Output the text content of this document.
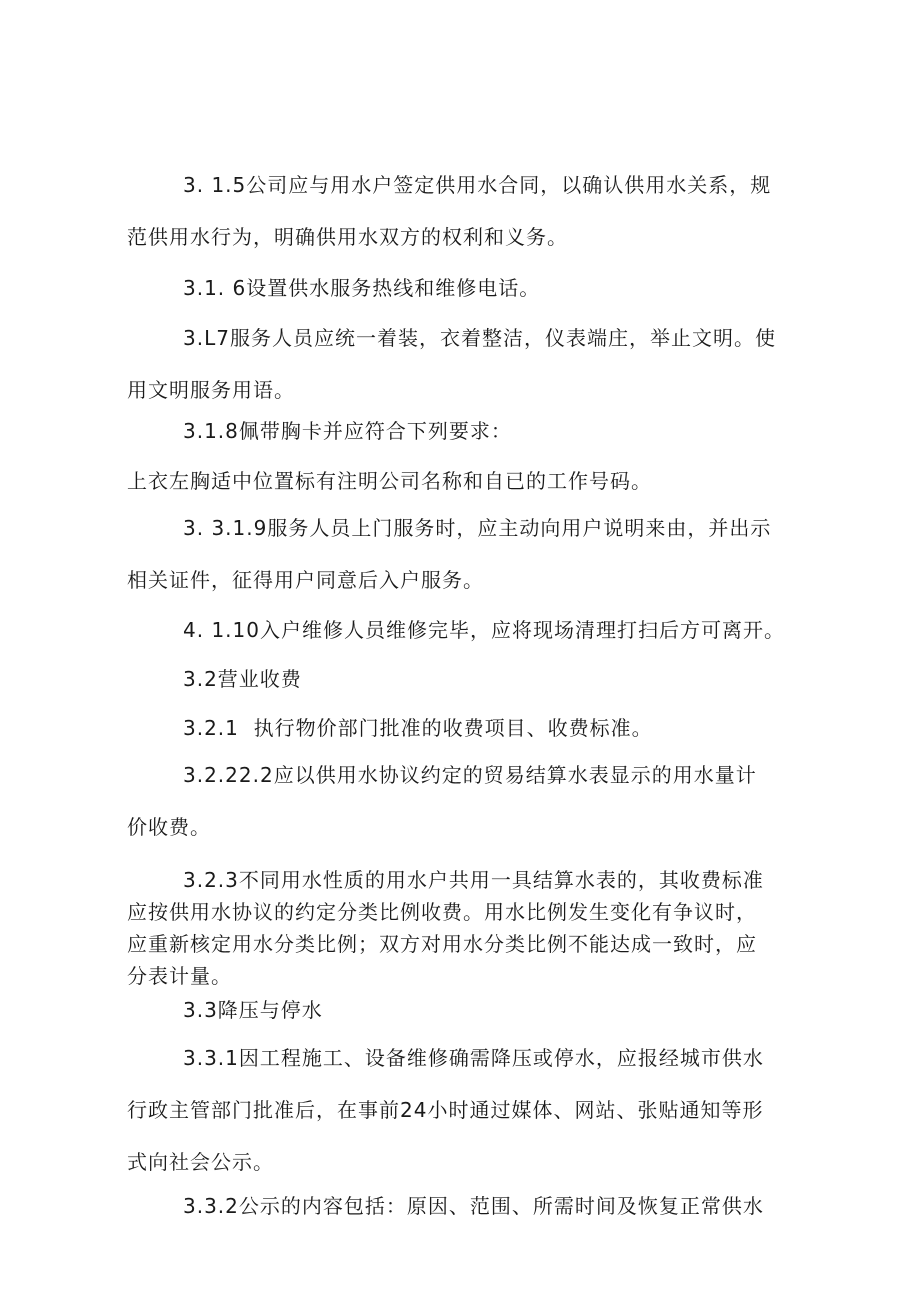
3. 1.5公司应与用水户签定供用水合同，以确认供用水关系，规
范供用水行为，明确供用水双方的权利和义务。

3.1. 6设置供水服务热线和维修电话。

3.L7服务人员应统一着装，衣着整洁，仪表端庄，举止文明。使
用文明服务用语。

3.1.8佩带胸卡并应符合下列要求：

上衣左胸适中位置标有注明公司名称和自已的工作号码。

3. 3.1.9服务人员上门服务时，应主动向用户说明来由，并出示
相关证件，征得用户同意后入户服务。

4. 1.10入户维修人员维修完毕，应将现场清理打扫后方可离开。

3.2营业收费

3.2.1  执行物价部门批准的收费项目、收费标准。

3.2.22.2应以供用水协议约定的贸易结算水表显示的用水量计
价收费。

3.2.3不同用水性质的用水户共用一具结算水表的，其收费标准
应按供用水协议的约定分类比例收费。用水比例发生变化有争议时，
应重新核定用水分类比例；双方对用水分类比例不能达成一致时，应
分表计量。

3.3降压与停水

3.3.1因工程施工、设备维修确需降压或停水，应报经城市供水
行政主管部门批准后，在事前24小时通过媒体、网站、张贴通知等形
式向社会公示。

3.3.2公示的内容包括：原因、范围、所需时间及恢复正常供水
